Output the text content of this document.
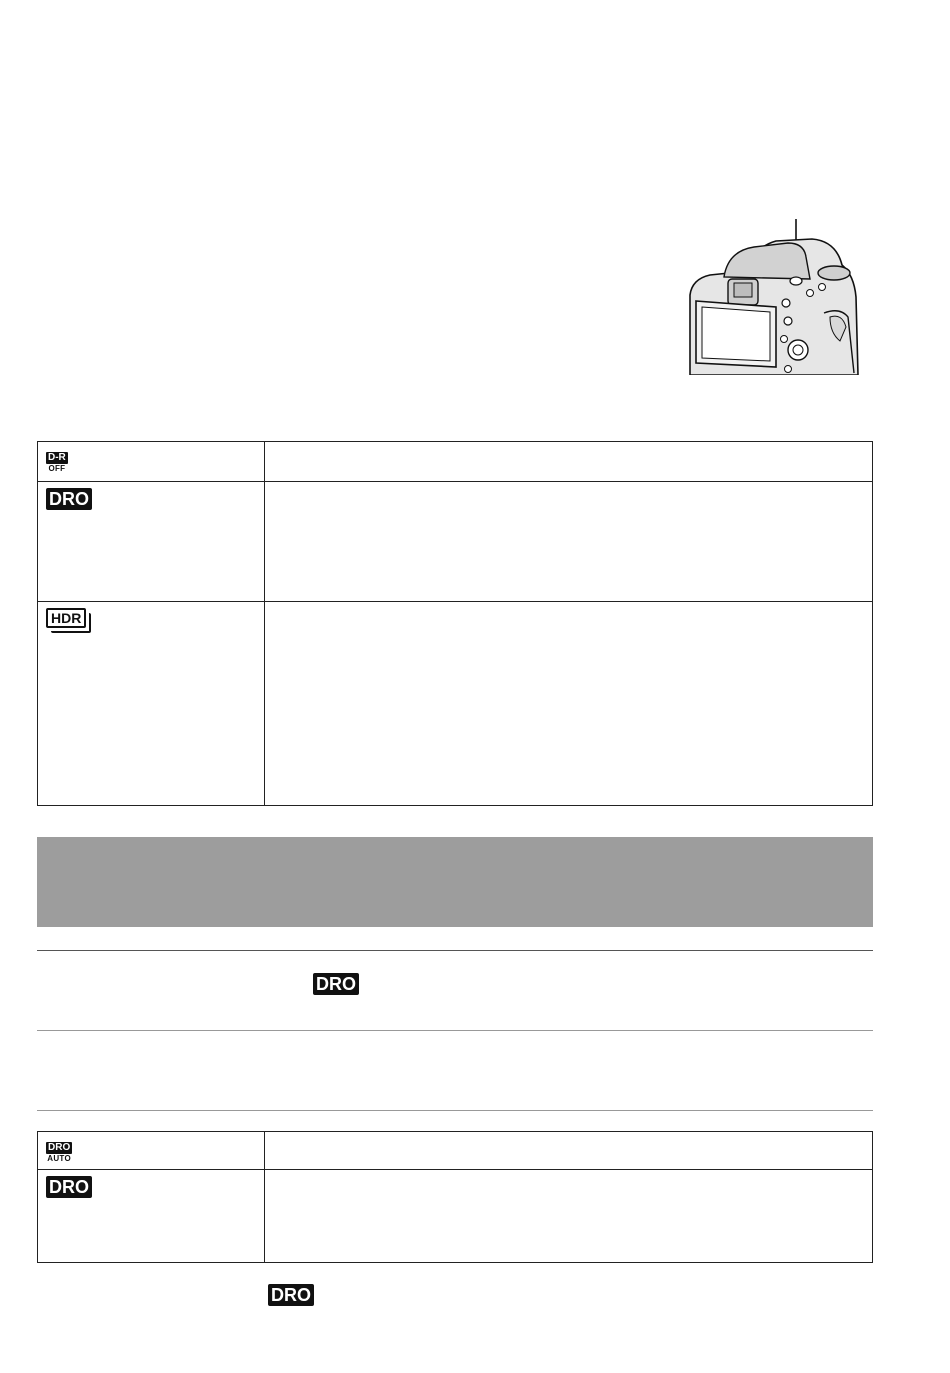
D-R
OFF	

DRO	

HDR	
DRO
DRO
AUTO	

DRO	
DRO
